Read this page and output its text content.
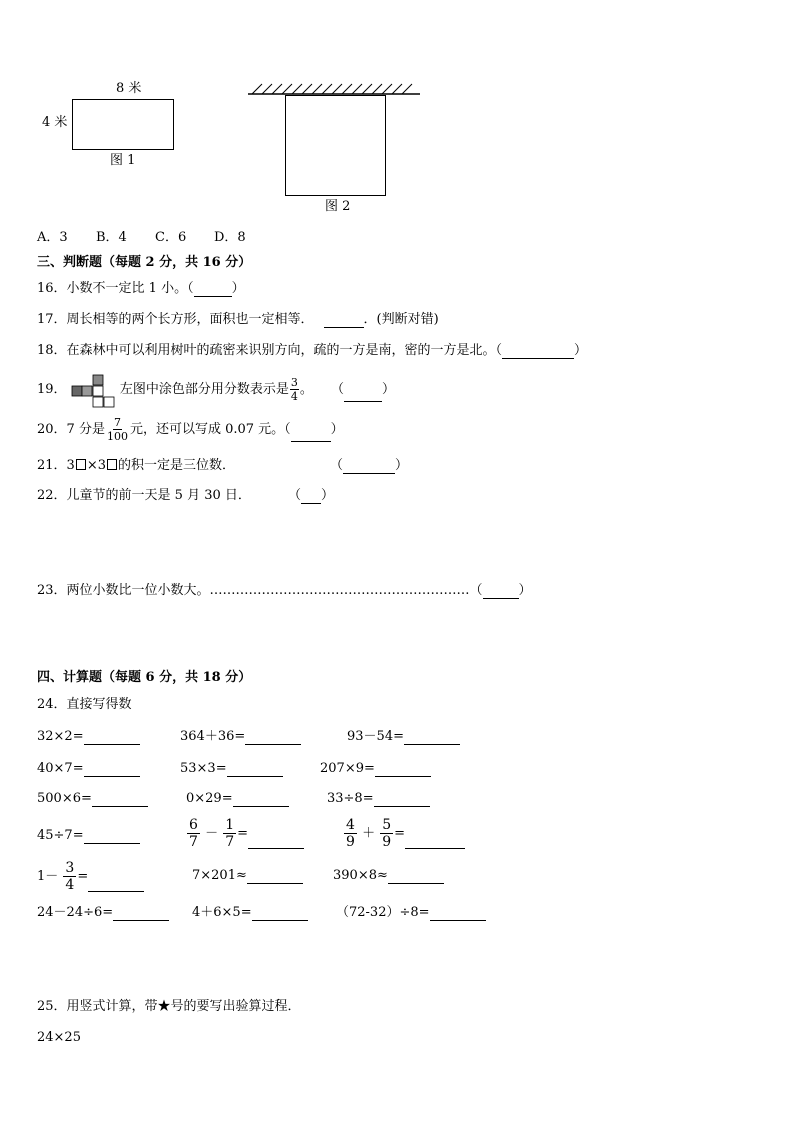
8 米
4 米
图 1
图 2
A．3 B．4 C．6 D．8
三、判断题（每题 2 分，共 16 分）
16．小数不一定比 1 小。（	）
17．周长相等的两个长方形，面积也一定相等．	．(判断对错)
18．在森林中可以利用树叶的疏密来识别方向，疏的一方是南，密的一方是北。（	）
19．	左图中涂色部分用分数表示是 $\frac{3}{4}$ 。 （	）
20．7 分是 $\frac{7}{100}$ 元，还可以写成 0.07 元。（	）
21．3 ×3 的积一定是三位数．	（	）
22．儿童节的前一天是 5 月 30 日．	（ ）
23．两位小数比一位小数大。……………………………………………………（	）
四、计算题（每题 6 分，共 18 分）
24．直接写得数
32×2=	364＋36=	93－54=
40×7=	53×3=	207×9=
500×6=	0×29=	33÷8=
45÷7=	$\frac{6}{7} - \frac{1}{7}$ =	$\frac{4}{9} + \frac{5}{9}$ =
$1- \frac{3}{4}$ =	7×201≈	390×8≈
24－24÷6=	4＋6×5=	（72-32）÷8=
25．用竖式计算，带★号的要写出验算过程．
24×25
